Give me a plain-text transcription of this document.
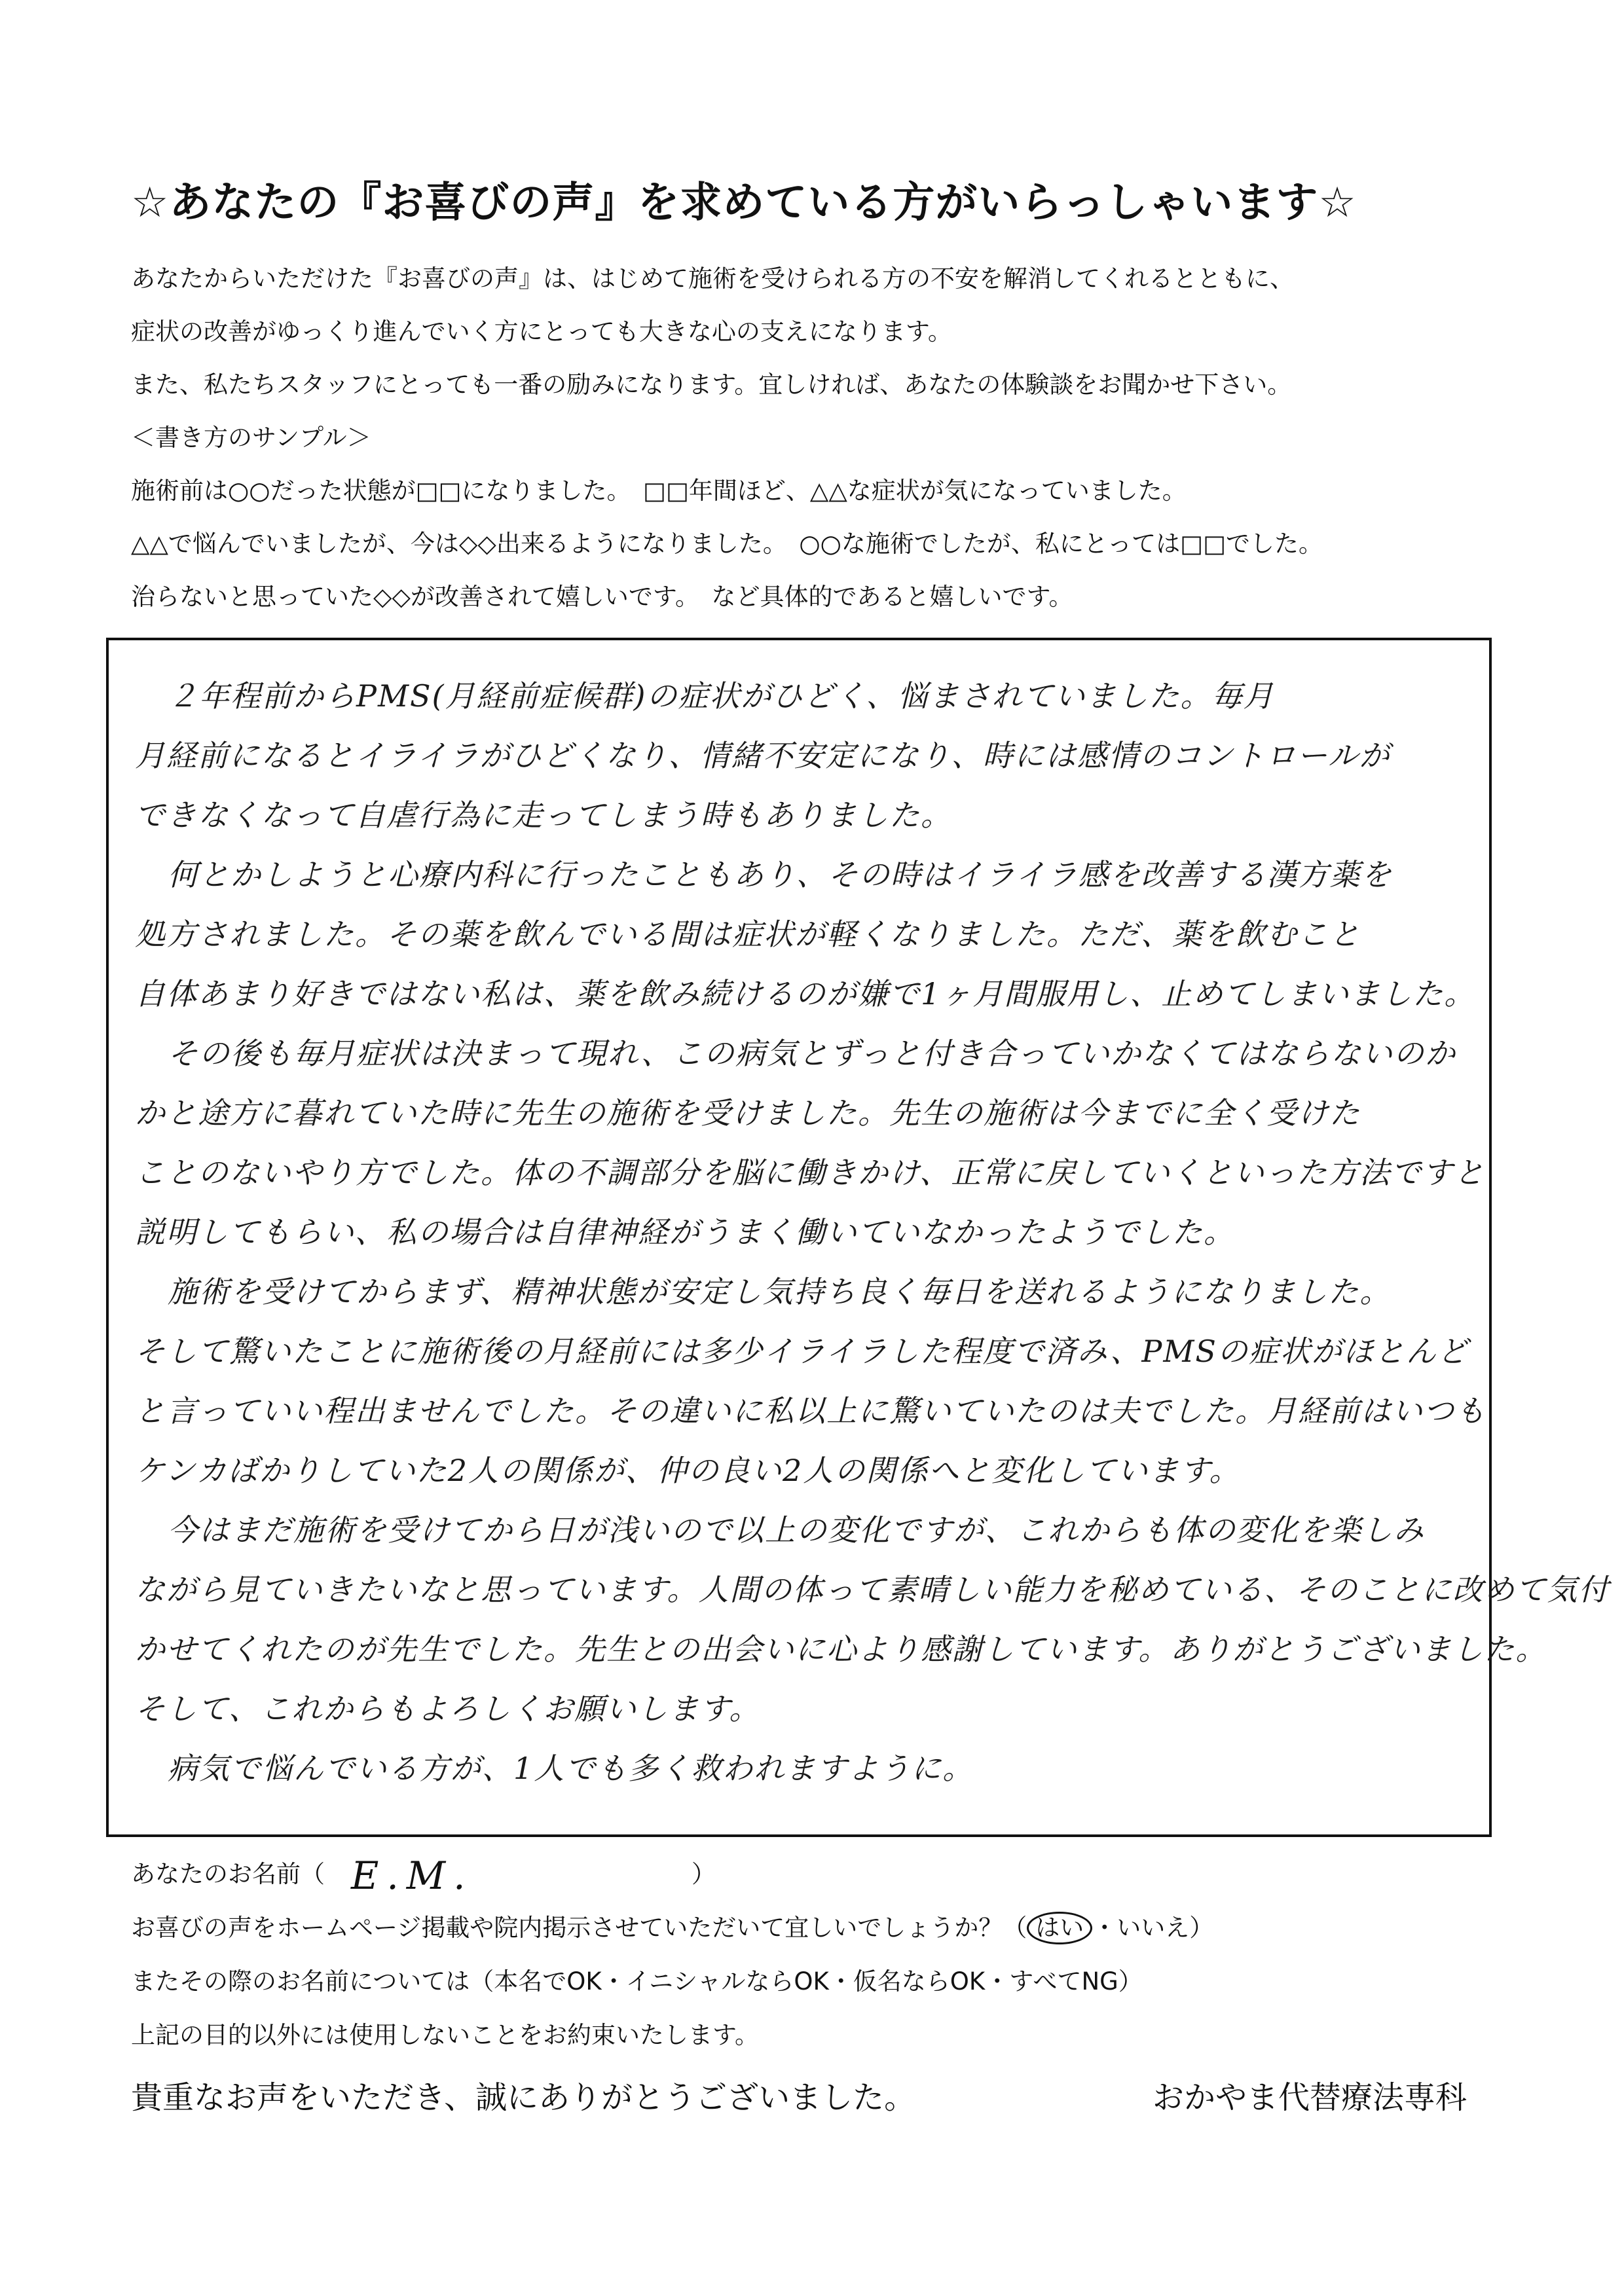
☆あなたの『お喜びの声』を求めている方がいらっしゃいます☆
あなたからいただけた『お喜びの声』は、はじめて施術を受けられる方の不安を解消してくれるとともに、
症状の改善がゆっくり進んでいく方にとっても大きな心の支えになります。
また、私たちスタッフにとっても一番の励みになります。宜しければ、あなたの体験談をお聞かせ下さい。
＜書き方のサンプル＞
施術前は○○だった状態が□□になりました。　□□年間ほど、△△な症状が気になっていました。
△△で悩んでいましたが、今は◇◇出来るようになりました。　○○な施術でしたが、私にとっては□□でした。
治らないと思っていた◇◇が改善されて嬉しいです。　など具体的であると嬉しいです。
２年程前からPMS(月経前症候群)の症状がひどく、悩まされていました。毎月
月経前になるとイライラがひどくなり、情緒不安定になり、時には感情のコントロールが
できなくなって自虐行為に走ってしまう時もありました。
何とかしようと心療内科に行ったこともあり、その時はイライラ感を改善する漢方薬を
処方されました。その薬を飲んでいる間は症状が軽くなりました。ただ、薬を飲むこと
自体あまり好きではない私は、薬を飲み続けるのが嫌で1ヶ月間服用し、止めてしまいました。
その後も毎月症状は決まって現れ、この病気とずっと付き合っていかなくてはならないのか
かと途方に暮れていた時に先生の施術を受けました。先生の施術は今までに全く受けた
ことのないやり方でした。体の不調部分を脳に働きかけ、正常に戻していくといった方法ですと
説明してもらい、私の場合は自律神経がうまく働いていなかったようでした。
施術を受けてからまず、精神状態が安定し気持ち良く毎日を送れるようになりました。
そして驚いたことに施術後の月経前には多少イライラした程度で済み、PMSの症状がほとんど
と言っていい程出ませんでした。その違いに私以上に驚いていたのは夫でした。月経前はいつも
ケンカばかりしていた2人の関係が、仲の良い2人の関係へと変化しています。
今はまだ施術を受けてから日が浅いので以上の変化ですが、これからも体の変化を楽しみ
ながら見ていきたいなと思っています。人間の体って素晴しい能力を秘めている、そのことに改めて気付
かせてくれたのが先生でした。先生との出会いに心より感謝しています。ありがとうございました。
そして、これからもよろしくお願いします。
病気で悩んでいる方が、1人でも多く救われますように。
あなたのお名前（ E.M.	）
お喜びの声をホームページ掲載や院内掲示させていただいて宜しいでしょうか？（ はい ・いいえ）
またその際のお名前については（本名でOK・イニシャルならOK・仮名ならOK・すべてNG）
上記の目的以外には使用しないことをお約束いたします。
貴重なお声をいただき、誠にありがとうございました。	おかやま代替療法専科
